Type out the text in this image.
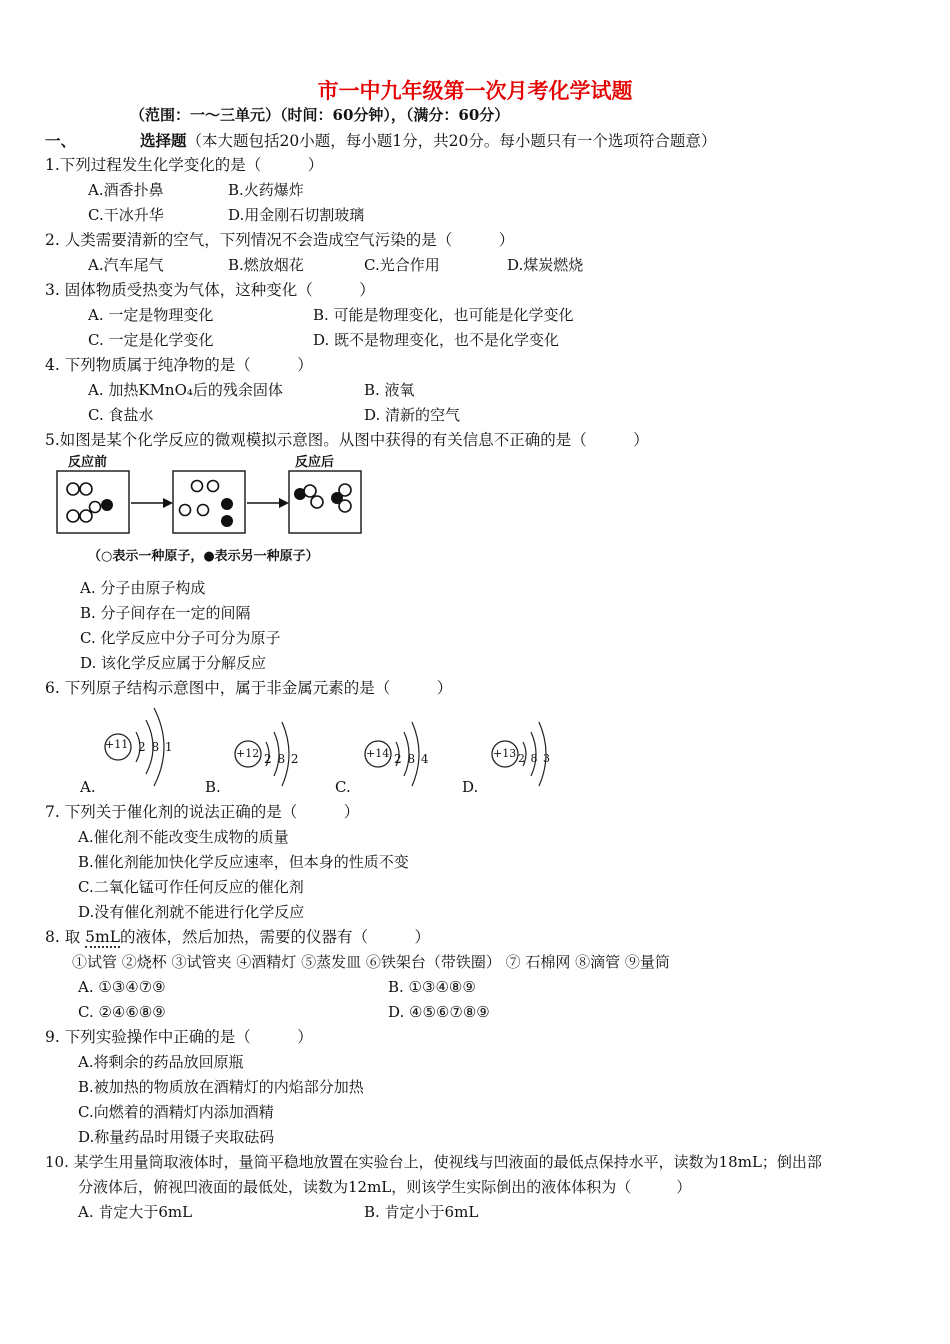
市一中九年级第一次月考化学试题
（范围：一～三单元）（时间：60分钟），（满分：60分）
一、	选择题（本大题包括20小题，每小题1分，共20分。每小题只有一个选项符合题意）
1.下列过程发生化学变化的是（　　　）
A.酒香扑鼻	B.火药爆炸
C.干冰升华	D.用金刚石切割玻璃
2. 人类需要清新的空气，下列情况不会造成空气污染的是（　　　）
A.汽车尾气	B.燃放烟花	C.光合作用	D.煤炭燃烧
3. 固体物质受热变为气体，这种变化（　　　）
A. 一定是物理变化	B. 可能是物理变化，也可能是化学变化
C. 一定是化学变化	D. 既不是物理变化，也不是化学变化
4. 下列物质属于纯净物的是（　　　）
A. 加热KMnO₄后的残余固体	B. 液氧
C. 食盐水	D. 清新的空气
5.如图是某个化学反应的微观模拟示意图。从图中获得的有关信息不正确的是（　　　）
反应前	反应后
（○表示一种原子，●表示另一种原子）
A. 分子由原子构成
B. 分子间存在一定的间隔
C. 化学反应中分子可分为原子
D. 该化学反应属于分解反应
6. 下列原子结构示意图中，属于非金属元素的是（　　　）
A.
+11 2 8 1
B.
+12 2 8 2
C.
+14 2 8 4
D.
+13 2 8 3
7. 下列关于催化剂的说法正确的是（　　　）
A.催化剂不能改变生成物的质量
B.催化剂能加快化学反应速率，但本身的性质不变
C.二氧化锰可作任何反应的催化剂
D.没有催化剂就不能进行化学反应
8. 取 5mL的液体，然后加热，需要的仪器有（　　　）
①试管 ②烧杯 ③试管夹 ④酒精灯 ⑤蒸发皿 ⑥铁架台（带铁圈） ⑦ 石棉网 ⑧滴管 ⑨量筒
A. ①③④⑦⑨	B. ①③④⑧⑨
C. ②④⑥⑧⑨	D. ④⑤⑥⑦⑧⑨
9. 下列实验操作中正确的是（　　　）
A.将剩余的药品放回原瓶
B.被加热的物质放在酒精灯的内焰部分加热
C.向燃着的酒精灯内添加酒精
D.称量药品时用镊子夹取砝码
10. 某学生用量筒取液体时，量筒平稳地放置在实验台上，使视线与凹液面的最低点保持水平，读数为18mL；倒出部
分液体后，俯视凹液面的最低处，读数为12mL，则该学生实际倒出的液体体积为（　　　）
A. 肯定大于6mL	B. 肯定小于6mL
